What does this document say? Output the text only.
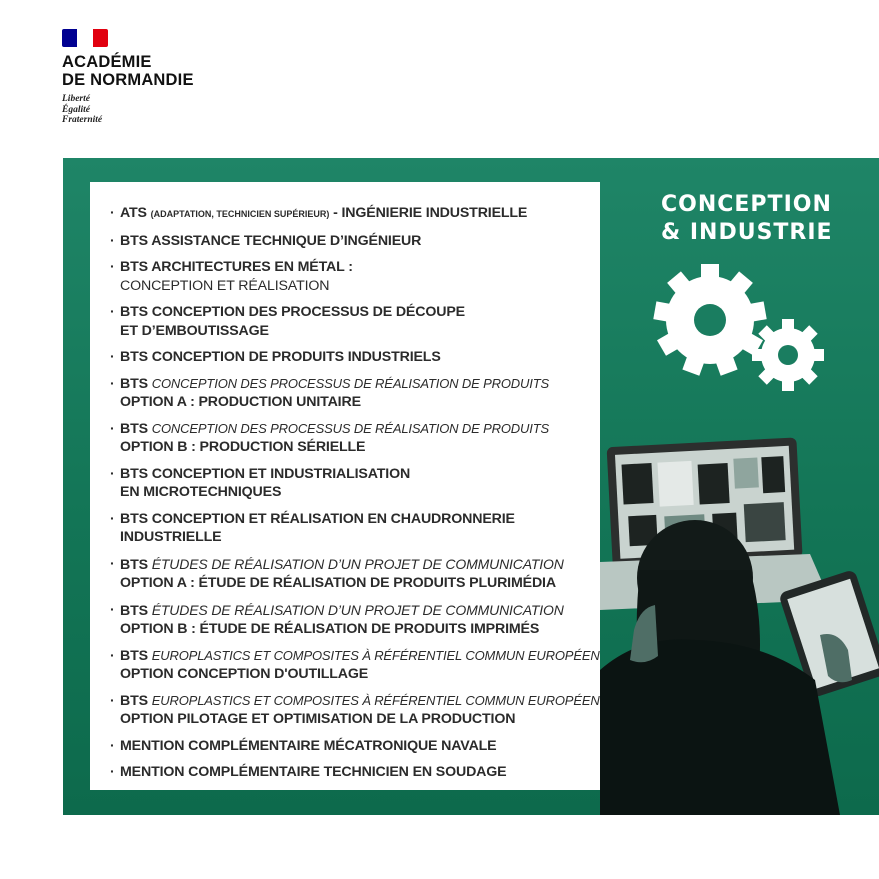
ACADÉMIE
DE NORMANDIE
Liberté
Égalité
Fraternité
· ATS (ADAPTATION, TECHNICIEN SUPÉRIEUR) - INGÉNIERIE INDUSTRIELLE
· BTS ASSISTANCE TECHNIQUE D’INGÉNIEUR
· BTS ARCHITECTURES EN MÉTAL :
CONCEPTION ET RÉALISATION
· BTS CONCEPTION DES PROCESSUS DE DÉCOUPE
ET D’EMBOUTISSAGE
· BTS CONCEPTION DE PRODUITS INDUSTRIELS
· BTS CONCEPTION DES PROCESSUS DE RÉALISATION DE PRODUITS
OPTION A : PRODUCTION UNITAIRE
· BTS CONCEPTION DES PROCESSUS DE RÉALISATION DE PRODUITS
OPTION B : PRODUCTION SÉRIELLE
· BTS CONCEPTION ET INDUSTRIALISATION
EN MICROTECHNIQUES
· BTS CONCEPTION ET RÉALISATION EN CHAUDRONNERIE
INDUSTRIELLE
· BTS ÉTUDES DE RÉALISATION D’UN PROJET DE COMMUNICATION
OPTION A : ÉTUDE DE RÉALISATION DE PRODUITS PLURIMÉDIA
· BTS ÉTUDES DE RÉALISATION D’UN PROJET DE COMMUNICATION
OPTION B : ÉTUDE DE RÉALISATION DE PRODUITS IMPRIMÉS
· BTS EUROPLASTICS ET COMPOSITES À RÉFÉRENTIEL COMMUN EUROPÉEN
OPTION CONCEPTION D'OUTILLAGE
· BTS EUROPLASTICS ET COMPOSITES À RÉFÉRENTIEL COMMUN EUROPÉEN
OPTION PILOTAGE ET OPTIMISATION DE LA PRODUCTION
· MENTION COMPLÉMENTAIRE MÉCATRONIQUE NAVALE
· MENTION COMPLÉMENTAIRE TECHNICIEN EN SOUDAGE
CONCEPTION
& INDUSTRIE
